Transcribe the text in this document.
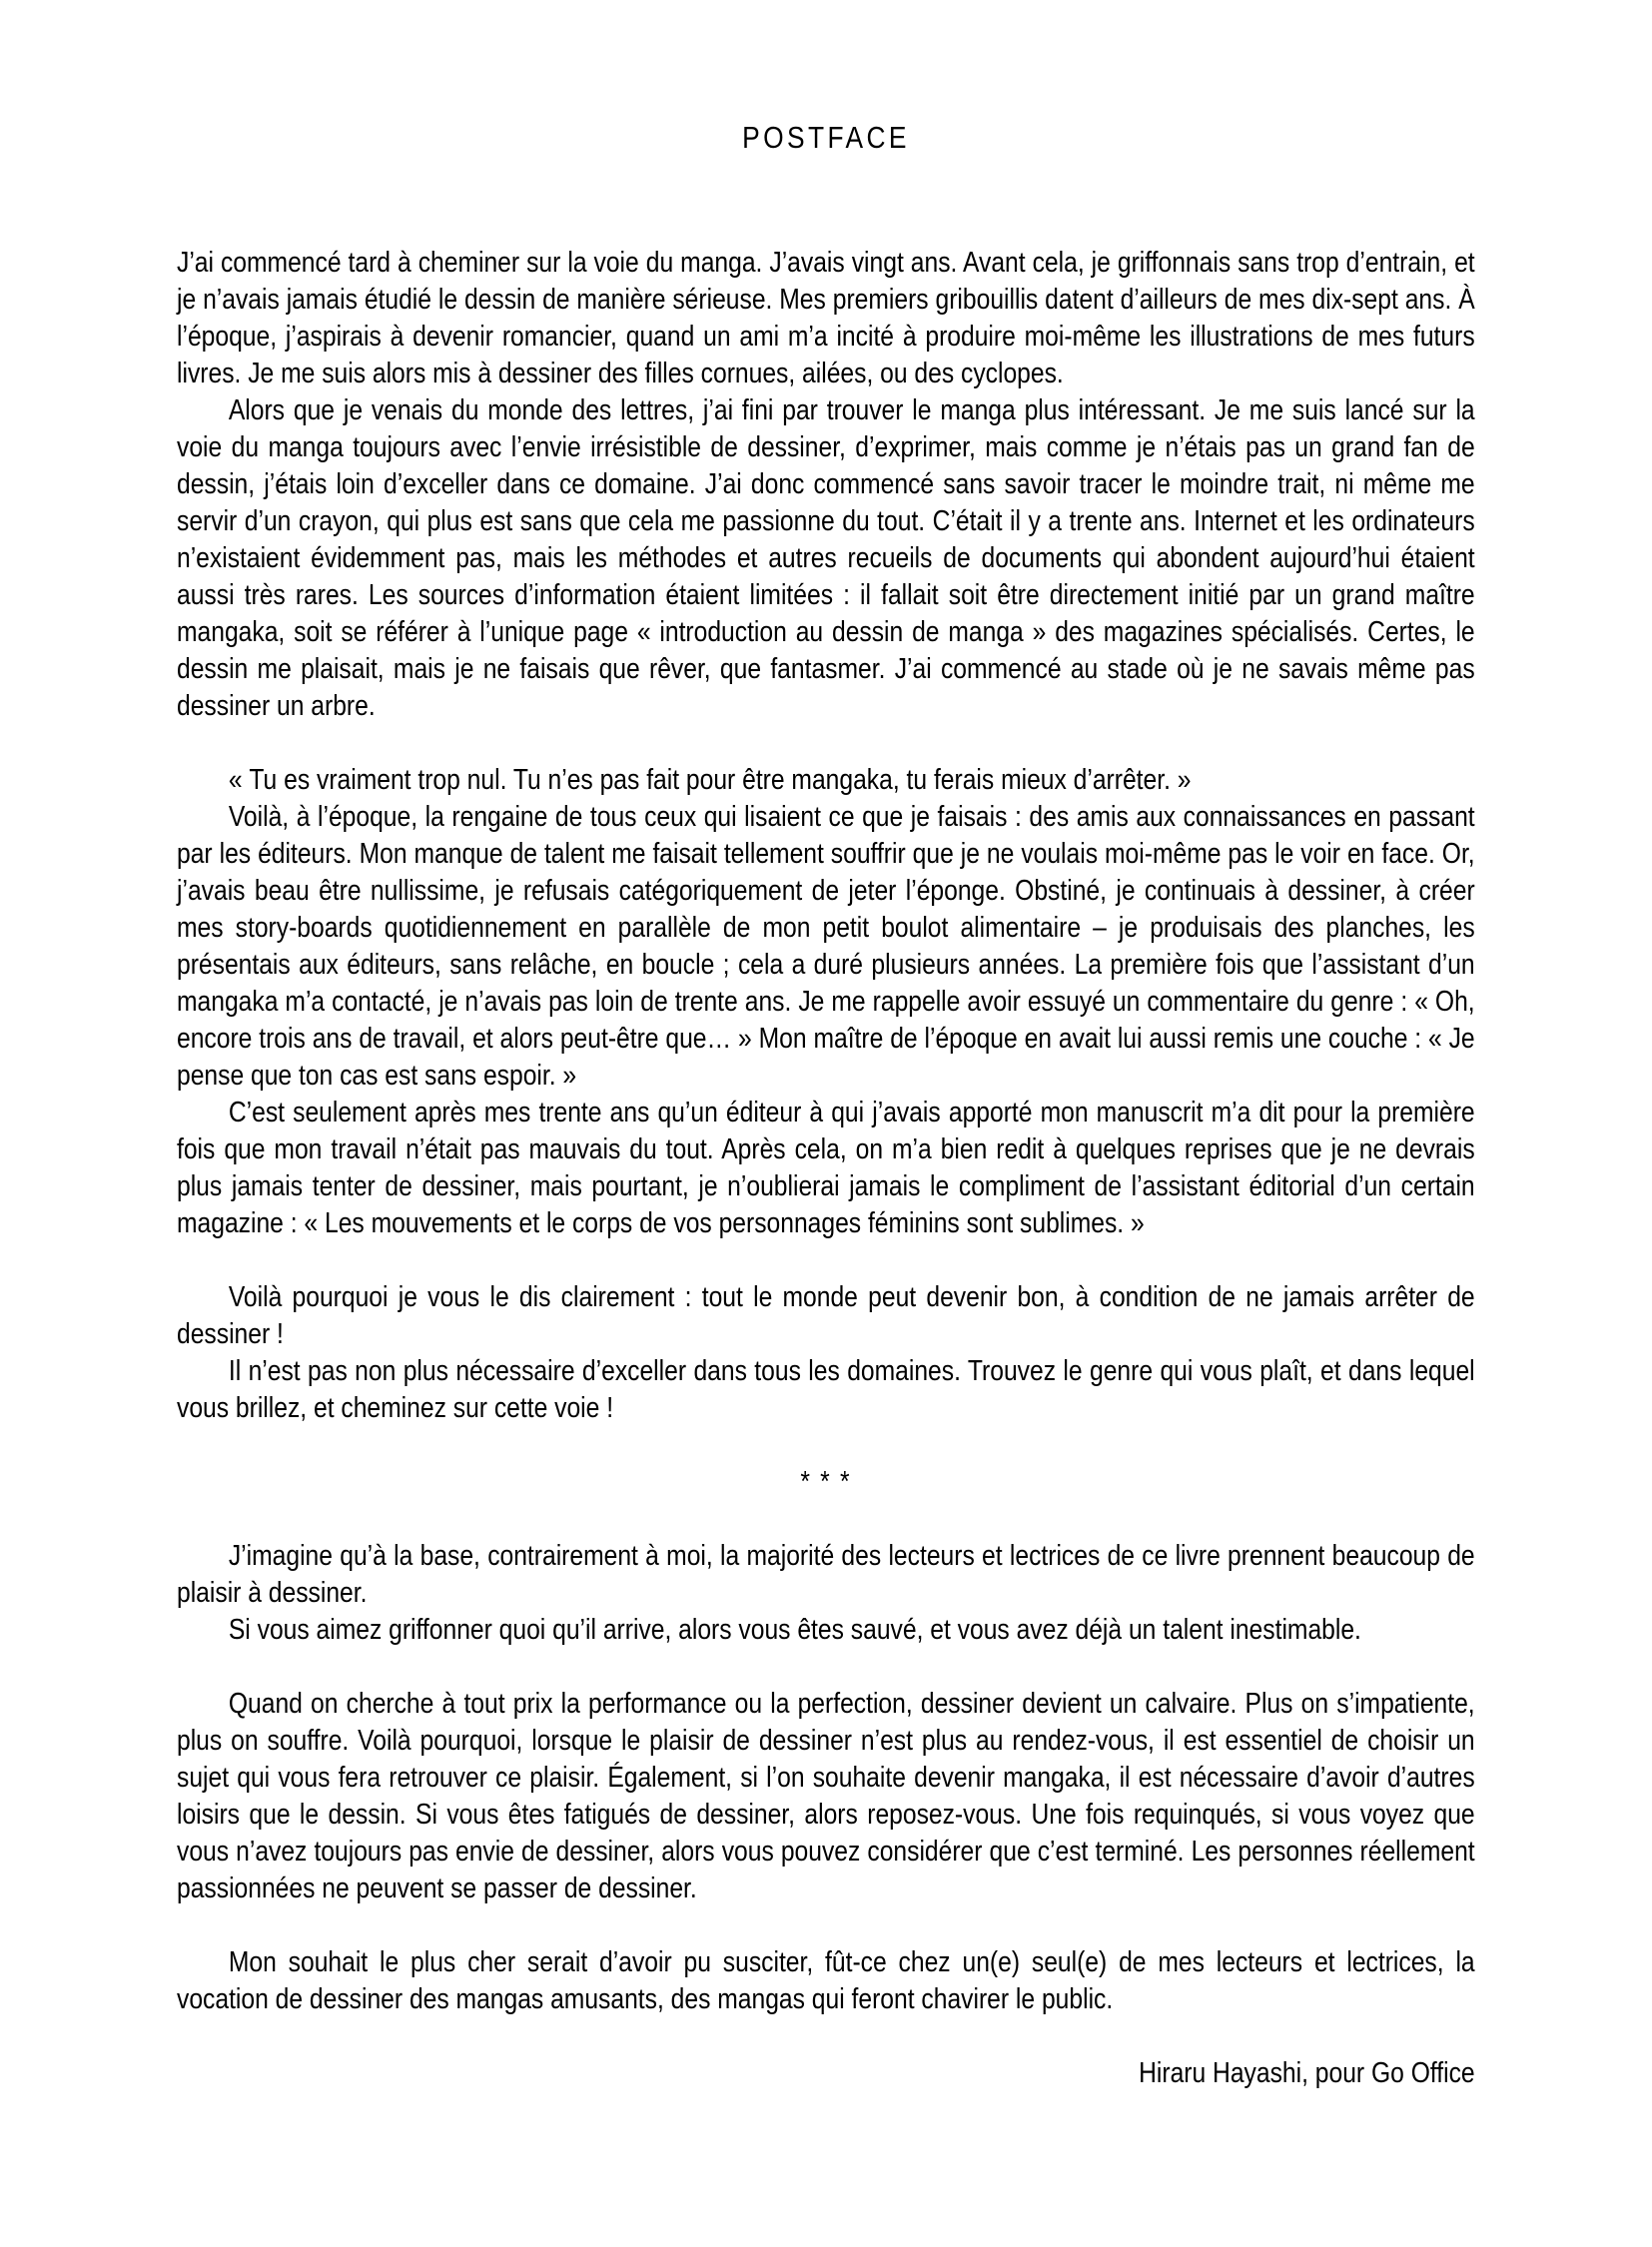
POSTFACE

J’ai commencé tard à cheminer sur la voie du manga. J’avais vingt ans. Avant cela, je griffonnais sans trop d’entrain, et je n’avais jamais étudié le dessin de manière sérieuse. Mes premiers gribouillis datent d’ailleurs de mes dix-sept ans. À l’époque, j’aspirais à devenir romancier, quand un ami m’a incité à produire moi-même les illustrations de mes futurs livres. Je me suis alors mis à dessiner des filles cornues, ailées, ou des cyclopes.

Alors que je venais du monde des lettres, j’ai fini par trouver le manga plus intéressant. Je me suis lancé sur la voie du manga toujours avec l’envie irrésistible de dessiner, d’exprimer, mais comme je n’étais pas un grand fan de dessin, j’étais loin d’exceller dans ce domaine. J’ai donc commencé sans savoir tracer le moindre trait, ni même me servir d’un crayon, qui plus est sans que cela me passionne du tout. C’était il y a trente ans. Internet et les ordinateurs n’existaient évidemment pas, mais les méthodes et autres recueils de documents qui abondent aujourd’hui étaient aussi très rares. Les sources d’information étaient limitées : il fallait soit être directement initié par un grand maître mangaka, soit se référer à l’unique page « introduction au dessin de manga » des magazines spécialisés. Certes, le dessin me plaisait, mais je ne faisais que rêver, que fantasmer. J’ai commencé au stade où je ne savais même pas dessiner un arbre.

« Tu es vraiment trop nul. Tu n’es pas fait pour être mangaka, tu ferais mieux d’arrêter. »

Voilà, à l’époque, la rengaine de tous ceux qui lisaient ce que je faisais : des amis aux connaissances en passant par les éditeurs. Mon manque de talent me faisait tellement souffrir que je ne voulais moi-même pas le voir en face. Or, j’avais beau être nullissime, je refusais catégoriquement de jeter l’éponge. Obstiné, je continuais à dessiner, à créer mes story-boards quotidiennement en parallèle de mon petit boulot alimentaire – je produisais des planches, les présentais aux éditeurs, sans relâche, en boucle ; cela a duré plusieurs années. La première fois que l’assistant d’un mangaka m’a contacté, je n’avais pas loin de trente ans. Je me rappelle avoir essuyé un commentaire du genre : « Oh, encore trois ans de travail, et alors peut-être que… » Mon maître de l’époque en avait lui aussi remis une couche : « Je pense que ton cas est sans espoir. »

C’est seulement après mes trente ans qu’un éditeur à qui j’avais apporté mon manuscrit m’a dit pour la première fois que mon travail n’était pas mauvais du tout. Après cela, on m’a bien redit à quelques reprises que je ne devrais plus jamais tenter de dessiner, mais pourtant, je n’oublierai jamais le compliment de l’assistant éditorial d’un certain magazine : « Les mouvements et le corps de vos personnages féminins sont sublimes. »

Voilà pourquoi je vous le dis clairement : tout le monde peut devenir bon, à condition de ne jamais arrêter de dessiner !

Il n’est pas non plus nécessaire d’exceller dans tous les domaines. Trouvez le genre qui vous plaît, et dans lequel vous brillez, et cheminez sur cette voie !

* * *

J’imagine qu’à la base, contrairement à moi, la majorité des lecteurs et lectrices de ce livre prennent beaucoup de plaisir à dessiner.

Si vous aimez griffonner quoi qu’il arrive, alors vous êtes sauvé, et vous avez déjà un talent inestimable.

Quand on cherche à tout prix la performance ou la perfection, dessiner devient un calvaire. Plus on s’impatiente, plus on souffre. Voilà pourquoi, lorsque le plaisir de dessiner n’est plus au rendez-vous, il est essentiel de choisir un sujet qui vous fera retrouver ce plaisir. Également, si l’on souhaite devenir mangaka, il est nécessaire d’avoir d’autres loisirs que le dessin. Si vous êtes fatigués de dessiner, alors reposez-vous. Une fois requinqués, si vous voyez que vous n’avez toujours pas envie de dessiner, alors vous pouvez considérer que c’est terminé. Les personnes réellement passionnées ne peuvent se passer de dessiner.

Mon souhait le plus cher serait d’avoir pu susciter, fût-ce chez un(e) seul(e) de mes lecteurs et lectrices, la vocation de dessiner des mangas amusants, des mangas qui feront chavirer le public.

Hiraru Hayashi, pour Go Office
